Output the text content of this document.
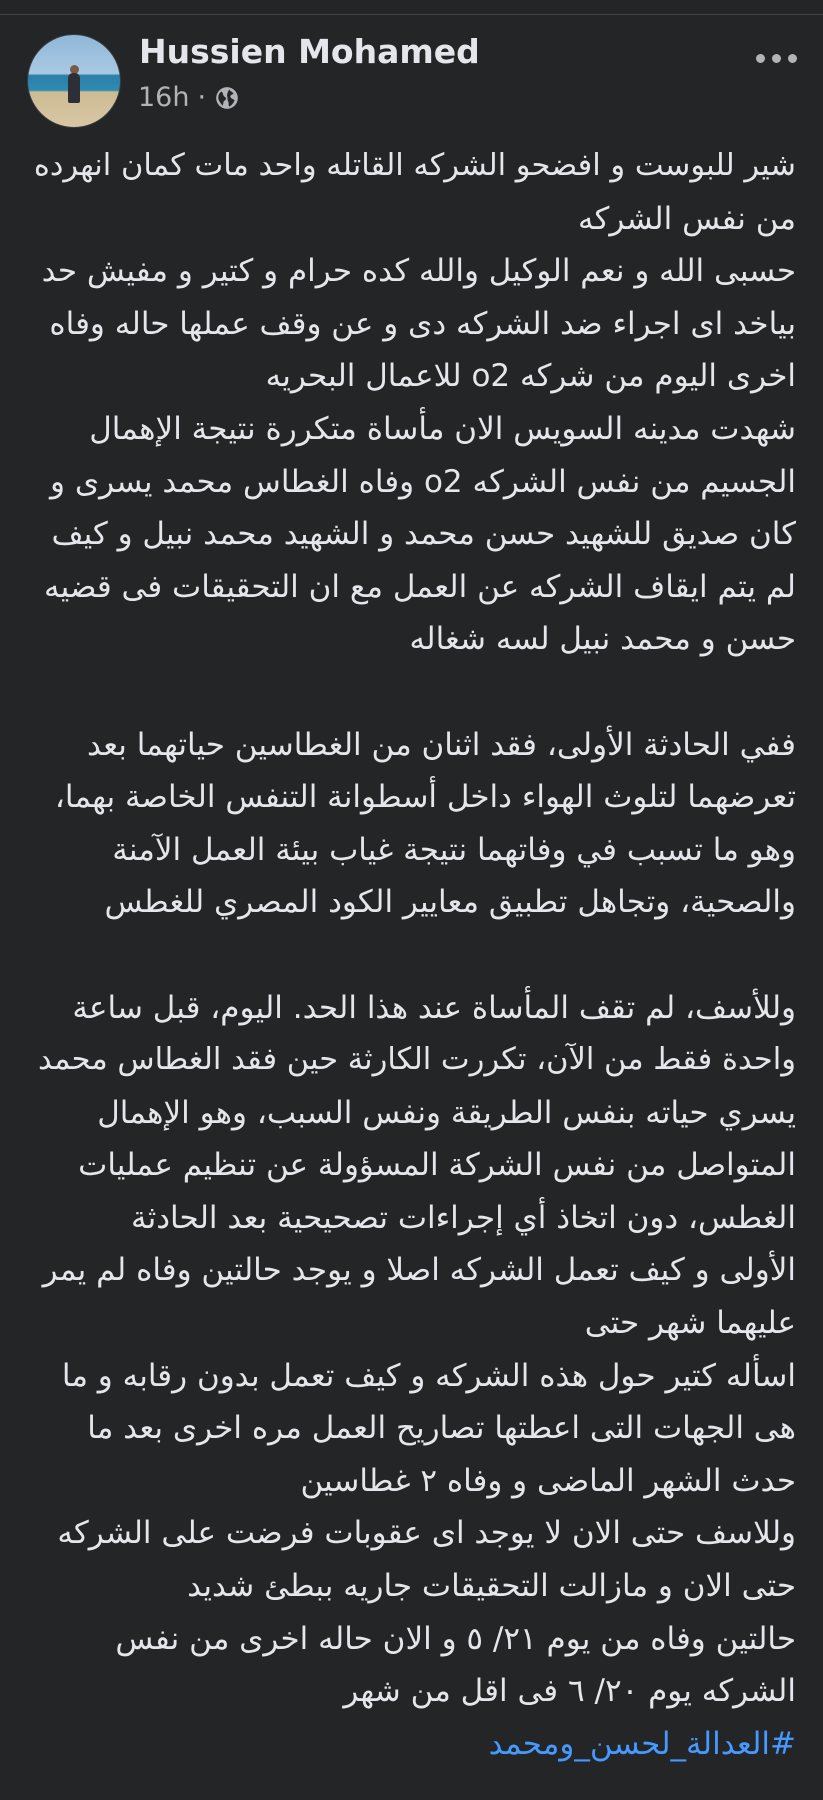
Hussien Mohamed
16h ·
شير للبوست و افضحو الشركه القاتله واحد مات كمان انهرده
من نفس الشركه
حسبى الله و نعم الوكيل والله كده حرام و كتير و مفيش حد
بياخد اى اجراء ضد الشركه دى و عن وقف عملها حاله وفاه
اخرى اليوم من شركه o2 للاعمال البحريه
شهدت مدينه السويس الان مأساة متكررة نتيجة الإهمال
الجسيم من نفس الشركه o2 وفاه الغطاس محمد يسرى و
كان صديق للشهيد حسن محمد و الشهيد محمد نبيل و كيف
لم يتم ايقاف الشركه عن العمل مع ان التحقيقات فى قضيه
حسن و محمد نبيل لسه شغاله
ففي الحادثة الأولى، فقد اثنان من الغطاسين حياتهما بعد
تعرضهما لتلوث الهواء داخل أسطوانة التنفس الخاصة بهما،
وهو ما تسبب في وفاتهما نتيجة غياب بيئة العمل الآمنة
والصحية، وتجاهل تطبيق معايير الكود المصري للغطس
وللأسف، لم تقف المأساة عند هذا الحد. اليوم، قبل ساعة
واحدة فقط من الآن، تكررت الكارثة حين فقد الغطاس محمد
يسري حياته بنفس الطريقة ونفس السبب، وهو الإهمال
المتواصل من نفس الشركة المسؤولة عن تنظيم عمليات
الغطس، دون اتخاذ أي إجراءات تصحيحية بعد الحادثة
الأولى و كيف تعمل الشركه اصلا و يوجد حالتين وفاه لم يمر
عليهما شهر حتى
اسأله كتير حول هذه الشركه و كيف تعمل بدون رقابه و ما
هى الجهات التى اعطتها تصاريح العمل مره اخرى بعد ما
حدث الشهر الماضى و وفاه ٢ غطاسين
وللاسف حتى الان لا يوجد اى عقوبات فرضت على الشركه
حتى الان و مازالت التحقيقات جاريه ببطئ شديد
حالتين وفاه من يوم ٢١/ ٥ و الان حاله اخرى من نفس
الشركه يوم ٢٠/ ٦ فى اقل من شهر
#العدالة_لحسن_ومحمد
